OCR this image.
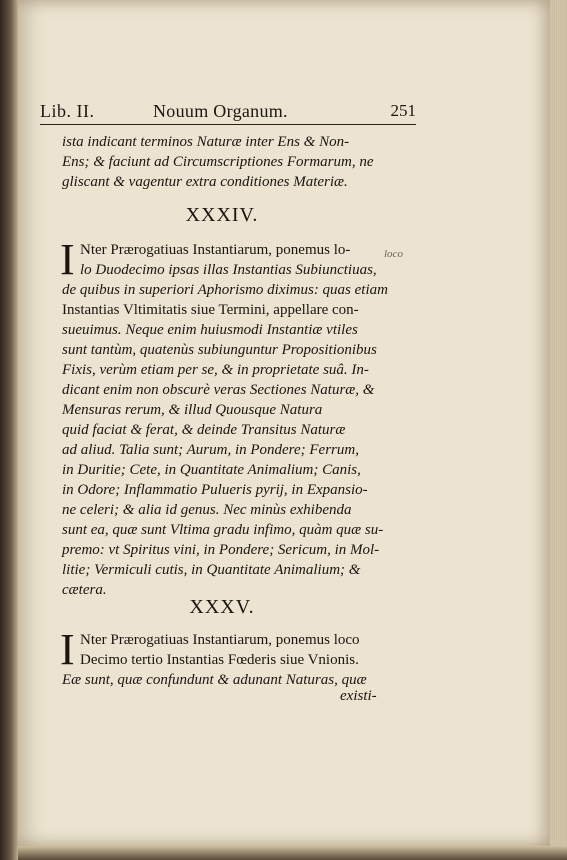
Lib. II.	Nouum Organum.	251
ista indicant terminos Naturæ inter Ens & Non-
Ens; & faciunt ad Circumscriptiones Formarum, ne
gliscant & vagentur extra conditiones Materiæ.
XXXIV.
I Nter Prærogatiuas Instantiarum, ponemus lo-
lo Duodecimo ipsas illas Instantias Subiunctiuas,
de quibus in superiori Aphorismo diximus: quas etiam
Instantias Vltimitatis siue Termini, appellare con-
sueuimus. Neque enim huiusmodi Instantiæ vtiles
sunt tantùm, quatenùs subiunguntur Propositionibus
Fixis, verùm etiam per se, & in proprietate suâ. In-
dicant enim non obscurè veras Sectiones Naturæ, &
Mensuras rerum, & illud Quousque Natura
quid faciat & ferat, & deinde Transitus Naturæ
ad aliud. Talia sunt; Aurum, in Pondere; Ferrum,
in Duritie; Cete, in Quantitate Animalium; Canis,
in Odore; Inflammatio Pulueris pyrij, in Expansio-
ne celeri; & alia id genus. Nec minùs exhibenda
sunt ea, quæ sunt Vltima gradu infimo, quàm quæ su-
premo: vt Spiritus vini, in Pondere; Sericum, in Mol-
litie; Vermiculi cutis, in Quantitate Animalium; &
cætera.
loco
XXXV.
I Nter Prærogatiuas Instantiarum, ponemus loco
Decimo tertio Instantias Fœderis siue Vnionis.
Eæ sunt, quæ confundunt & adunant Naturas, quæ
existi-
